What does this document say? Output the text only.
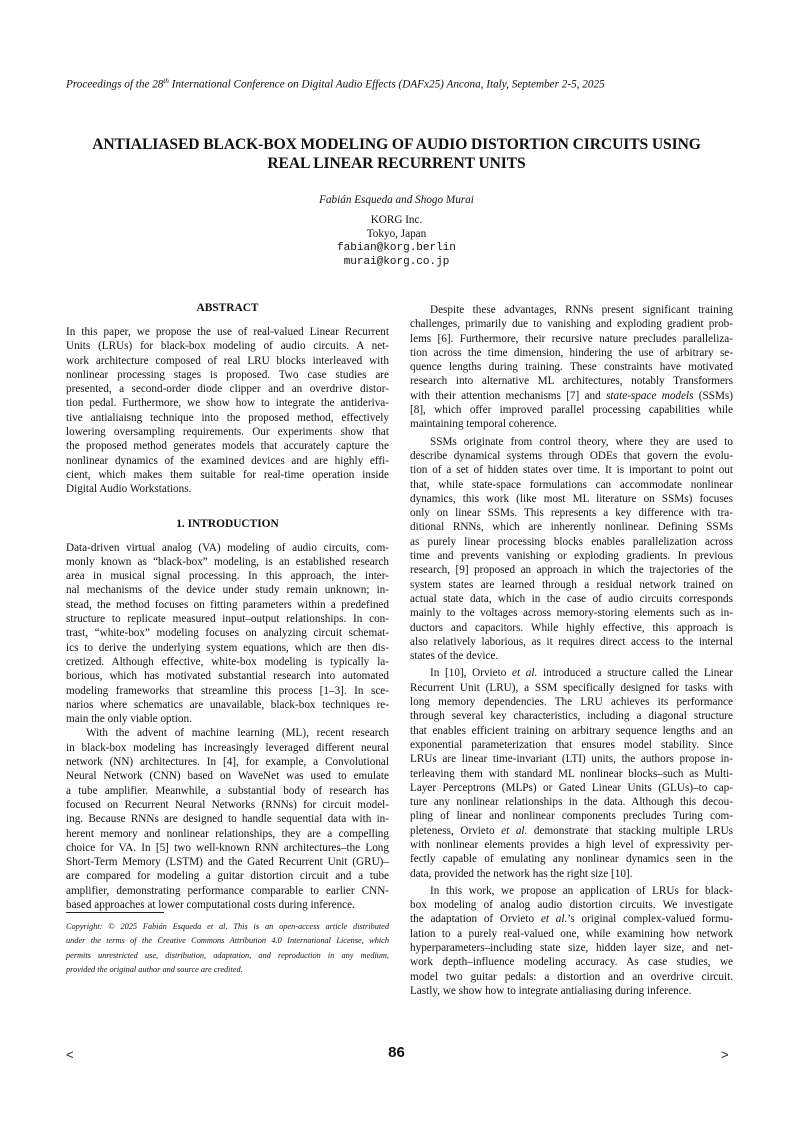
Proceedings of the 28th International Conference on Digital Audio Effects (DAFx25) Ancona, Italy, September 2-5, 2025
ANTIALIASED BLACK-BOX MODELING OF AUDIO DISTORTION CIRCUITS USING
REAL LINEAR RECURRENT UNITS
Fabián Esqueda and Shogo Murai
KORG Inc.
Tokyo, Japan
fabian@korg.berlin
murai@korg.co.jp
ABSTRACT
In this paper, we propose the use of real-valued Linear Recurrent
Units (LRUs) for black-box modeling of audio circuits. A net-
work architecture composed of real LRU blocks interleaved with
nonlinear processing stages is proposed. Two case studies are
presented, a second-order diode clipper and an overdrive distor-
tion pedal. Furthermore, we show how to integrate the antideriva-
tive antialiaisng technique into the proposed method, effectively
lowering oversampling requirements. Our experiments show that
the proposed method generates models that accurately capture the
nonlinear dynamics of the examined devices and are highly effi-
cient, which makes them suitable for real-time operation inside
Digital Audio Workstations.
1. INTRODUCTION
Data-driven virtual analog (VA) modeling of audio circuits, com-
monly known as “black-box” modeling, is an established research
area in musical signal processing. In this approach, the inter-
nal mechanisms of the device under study remain unknown; in-
stead, the method focuses on fitting parameters within a predefined
structure to replicate measured input–output relationships. In con-
trast, “white-box” modeling focuses on analyzing circuit schemat-
ics to derive the underlying system equations, which are then dis-
cretized. Although effective, white-box modeling is typically la-
borious, which has motivated substantial research into automated
modeling frameworks that streamline this process [1–3]. In sce-
narios where schematics are unavailable, black-box techniques re-
main the only viable option.
With the advent of machine learning (ML), recent research
in black-box modeling has increasingly leveraged different neural
network (NN) architectures. In [4], for example, a Convolutional
Neural Network (CNN) based on WaveNet was used to emulate
a tube amplifier. Meanwhile, a substantial body of research has
focused on Recurrent Neural Networks (RNNs) for circuit model-
ing. Because RNNs are designed to handle sequential data with in-
herent memory and nonlinear relationships, they are a compelling
choice for VA. In [5] two well-known RNN architectures–the Long
Short-Term Memory (LSTM) and the Gated Recurrent Unit (GRU)–
are compared for modeling a guitar distortion circuit and a tube
amplifier, demonstrating performance comparable to earlier CNN-
based approaches at lower computational costs during inference.
Copyright: © 2025 Fabián Esqueda et al. This is an open-access article distributed
under the terms of the Creative Commons Attribution 4.0 International License, which
permits unrestricted use, distribution, adaptation, and reproduction in any medium,
provided the original author and source are credited.
Despite these advantages, RNNs present significant training
challenges, primarily due to vanishing and exploding gradient prob-
lems [6]. Furthermore, their recursive nature precludes paralleliza-
tion across the time dimension, hindering the use of arbitrary se-
quence lengths during training. These constraints have motivated
research into alternative ML architectures, notably Transformers
with their attention mechanisms [7] and state-space models (SSMs)
[8], which offer improved parallel processing capabilities while
maintaining temporal coherence.
SSMs originate from control theory, where they are used to
describe dynamical systems through ODEs that govern the evolu-
tion of a set of hidden states over time. It is important to point out
that, while state-space formulations can accommodate nonlinear
dynamics, this work (like most ML literature on SSMs) focuses
only on linear SSMs. This represents a key difference with tra-
ditional RNNs, which are inherently nonlinear. Defining SSMs
as purely linear processing blocks enables parallelization across
time and prevents vanishing or exploding gradients. In previous
research, [9] proposed an approach in which the trajectories of the
system states are learned through a residual network trained on
actual state data, which in the case of audio circuits corresponds
mainly to the voltages across memory-storing elements such as in-
ductors and capacitors. While highly effective, this approach is
also relatively laborious, as it requires direct access to the internal
states of the device.
In [10], Orvieto et al. introduced a structure called the Linear
Recurrent Unit (LRU), a SSM specifically designed for tasks with
long memory dependencies. The LRU achieves its performance
through several key characteristics, including a diagonal structure
that enables efficient training on arbitrary sequence lengths and an
exponential parameterization that ensures model stability. Since
LRUs are linear time-invariant (LTI) units, the authors propose in-
terleaving them with standard ML nonlinear blocks–such as Multi-
Layer Perceptrons (MLPs) or Gated Linear Units (GLUs)–to cap-
ture any nonlinear relationships in the data. Although this decou-
pling of linear and nonlinear components precludes Turing com-
pleteness, Orvieto et al. demonstrate that stacking multiple LRUs
with nonlinear elements provides a high level of expressivity per-
fectly capable of emulating any nonlinear dynamics seen in the
data, provided the network has the right size [10].
In this work, we propose an application of LRUs for black-
box modeling of analog audio distortion circuits. We investigate
the adaptation of Orvieto et al.’s original complex-valued formu-
lation to a purely real-valued one, while examining how network
hyperparameters–including state size, hidden layer size, and net-
work depth–influence modeling accuracy. As case studies, we
model two guitar pedals: a distortion and an overdrive circuit.
Lastly, we show how to integrate antialiasing during inference.
<	86	>
